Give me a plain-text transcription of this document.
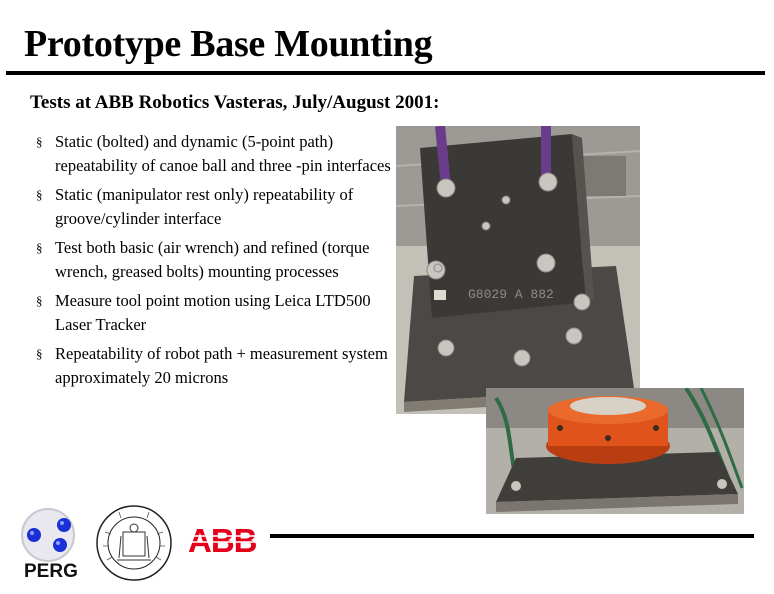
Prototype Base Mounting
Tests at ABB Robotics Vasteras, July/August 2001:
§ Static (bolted) and dynamic (5-point path) repeatability of canoe ball and three -pin interfaces
§ Static (manipulator rest only) repeatability of groove/cylinder interface
§ Test both basic (air wrench) and refined (torque wrench, greased bolts) mounting processes
§ Measure tool point motion using Leica LTD500 Laser Tracker
§ Repeatability of robot path + measurement system approximately 20 microns
G8029 A 882
PERG
ABB
